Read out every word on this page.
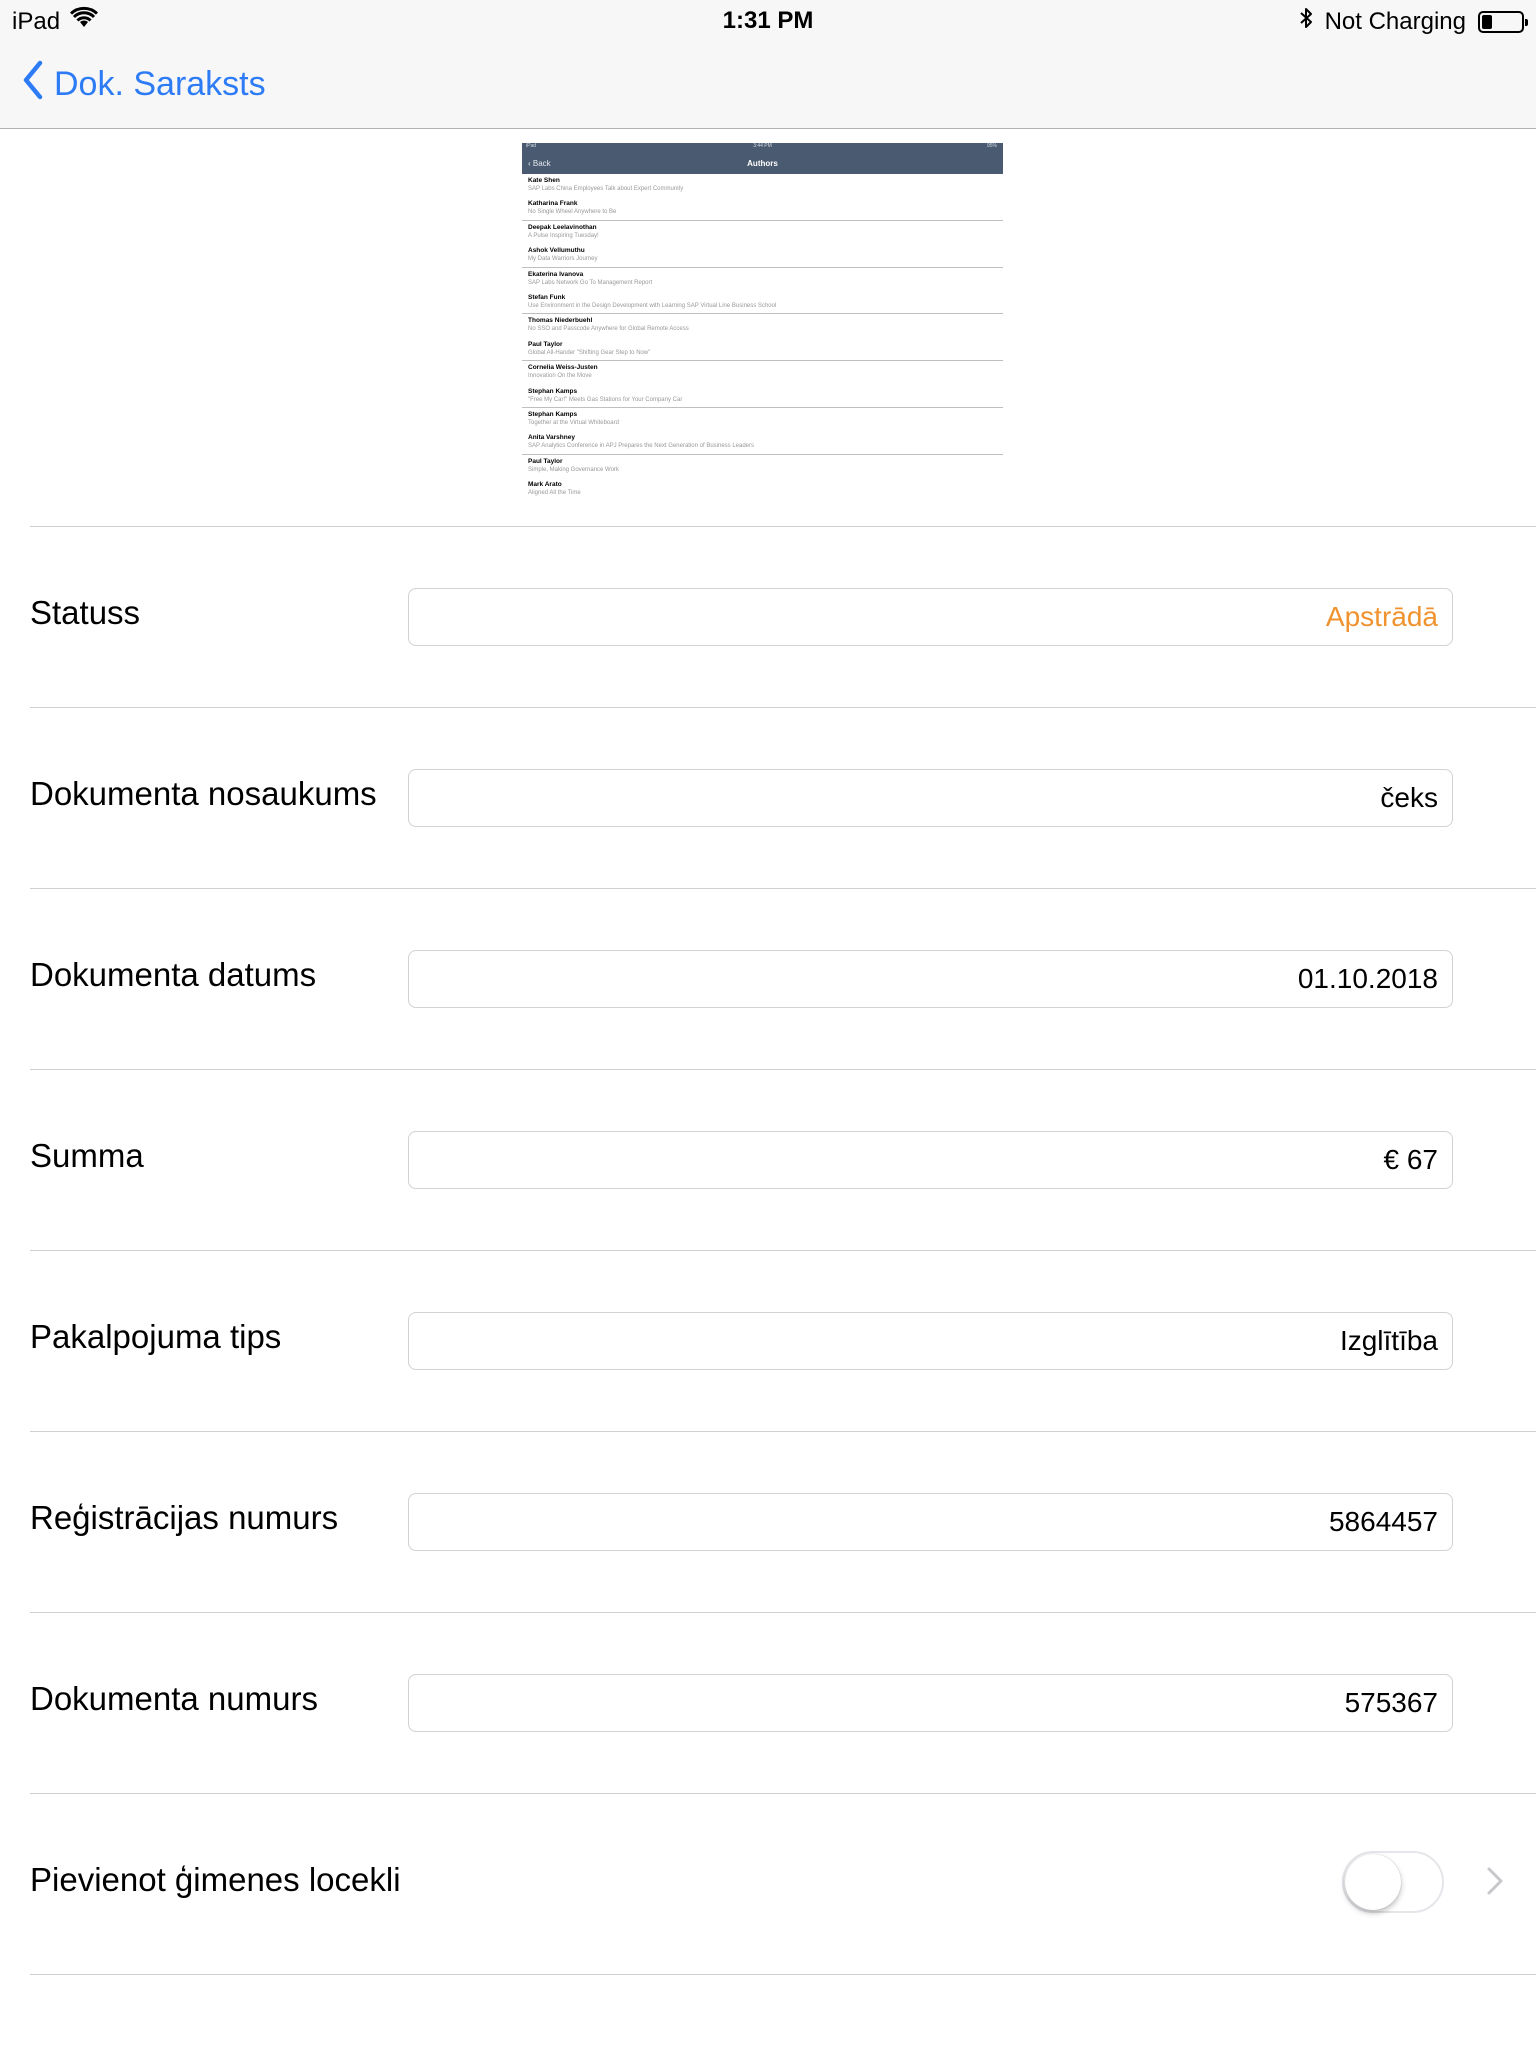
iPad	1:31 PM	Not Charging
Dok. Saraksts
iPad	3:44 PM	95%
‹ Back	Authors
Kate Shen
SAP Labs China Employees Talk about Expert Community
Katharina Frank
No Single Wheel Anywhere to Be
Deepak Leelavinothan
A Pulse Inspiring Tuesday!
Ashok Vellumuthu
My Data Warriors Journey
Ekaterina Ivanova
SAP Labs Network Go To Management Report
Stefan Funk
Use Environment in the Design Development with Learning SAP Virtual Line Business School
Thomas Niederbuehl
No SSO and Passcode Anywhere for Global Remote Access
Paul Taylor
Global All-Hander "Shifting Gear Step to Now"
Cornelia Weiss-Justen
Innovation On the Move
Stephan Kamps
"Free My Car!" Meets Gas Stations for Your Company Car
Stephan Kamps
Together at the Virtual Whiteboard
Anita Varshney
SAP Analytics Conference in APJ Prepares the Next Generation of Business Leaders
Paul Taylor
Simple, Making Governance Work
Mark Arato
Aligned All the Time
Statuss	Apstrādā
Dokumenta nosaukums	čeks
Dokumenta datums	01.10.2018
Summa	€ 67
Pakalpojuma tips	Izglītība
Reģistrācijas numurs	5864457
Dokumenta numurs	575367
Pievienot ģimenes locekli
